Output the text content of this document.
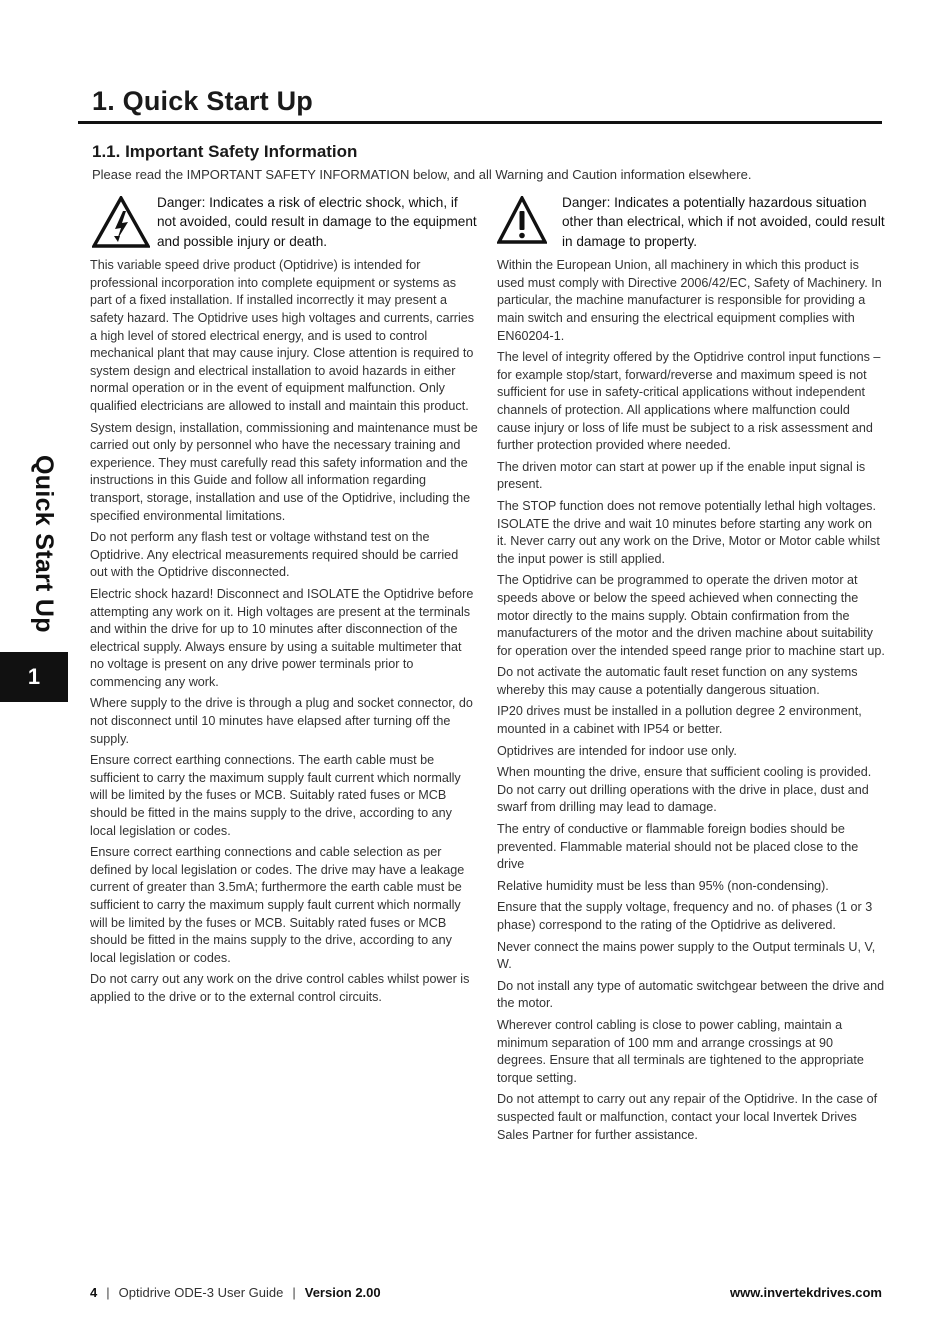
1. Quick Start Up
1.1. Important Safety Information
Please read the IMPORTANT SAFETY INFORMATION below, and all Warning and Caution information elsewhere.
Danger: Indicates a risk of electric shock, which, if not avoided, could result in damage to the equipment and possible injury or death.

This variable speed drive product (Optidrive) is intended for professional incorporation into complete equipment or systems as part of a fixed installation. If installed incorrectly it may present a safety hazard. The Optidrive uses high voltages and currents, carries a high level of stored electrical energy, and is used to control mechanical plant that may cause injury. Close attention is required to system design and electrical installation to avoid hazards in either normal operation or in the event of equipment malfunction. Only qualified electricians are allowed to install and maintain this product.

System design, installation, commissioning and maintenance must be carried out only by personnel who have the necessary training and experience. They must carefully read this safety information and the instructions in this Guide and follow all information regarding transport, storage, installation and use of the Optidrive, including the specified environmental limitations.

Do not perform any flash test or voltage withstand test on the Optidrive. Any electrical measurements required should be carried out with the Optidrive disconnected.

Electric shock hazard! Disconnect and ISOLATE the Optidrive before attempting any work on it. High voltages are present at the terminals and within the drive for up to 10 minutes after disconnection of the electrical supply. Always ensure by using a suitable multimeter that no voltage is present on any drive power terminals prior to commencing any work.

Where supply to the drive is through a plug and socket connector, do not disconnect until 10 minutes have elapsed after turning off the supply.

Ensure correct earthing connections. The earth cable must be sufficient to carry the maximum supply fault current which normally will be limited by the fuses or MCB. Suitably rated fuses or MCB should be fitted in the mains supply to the drive, according to any local legislation or codes.

Ensure correct earthing connections and cable selection as per defined by local legislation or codes. The drive may have a leakage current of greater than 3.5mA; furthermore the earth cable must be sufficient to carry the maximum supply fault current which normally will be limited by the fuses or MCB. Suitably rated fuses or MCB should be fitted in the mains supply to the drive, according to any local legislation or codes.

Do not carry out any work on the drive control cables whilst power is applied to the drive or to the external control circuits.

Danger: Indicates a potentially hazardous situation other than electrical, which if not avoided, could result in damage to property.

Within the European Union, all machinery in which this product is used must comply with Directive 2006/42/EC, Safety of Machinery. In particular, the machine manufacturer is responsible for providing a main switch and ensuring the electrical equipment complies with EN60204-1.

The level of integrity offered by the Optidrive control input functions – for example stop/start, forward/reverse and maximum speed is not sufficient for use in safety-critical applications without independent channels of protection. All applications where malfunction could cause injury or loss of life must be subject to a risk assessment and further protection provided where needed.

The driven motor can start at power up if the enable input signal is present.

The STOP function does not remove potentially lethal high voltages. ISOLATE the drive and wait 10 minutes before starting any work on it. Never carry out any work on the Drive, Motor or Motor cable whilst the input power is still applied.

The Optidrive can be programmed to operate the driven motor at speeds above or below the speed achieved when connecting the motor directly to the mains supply. Obtain confirmation from the manufacturers of the motor and the driven machine about suitability for operation over the intended speed range prior to machine start up.

Do not activate the automatic fault reset function on any systems whereby this may cause a potentially dangerous situation.

IP20 drives must be installed in a pollution degree 2 environment, mounted in a cabinet with IP54 or better.

Optidrives are intended for indoor use only.

When mounting the drive, ensure that sufficient cooling is provided. Do not carry out drilling operations with the drive in place, dust and swarf from drilling may lead to damage.

The entry of conductive or flammable foreign bodies should be prevented. Flammable material should not be placed close to the drive

Relative humidity must be less than 95% (non-condensing).

Ensure that the supply voltage, frequency and no. of phases (1 or 3 phase) correspond to the rating of the Optidrive as delivered.

Never connect the mains power supply to the Output terminals U, V, W.

Do not install any type of automatic switchgear between the drive and the motor.

Wherever control cabling is close to power cabling, maintain a minimum separation of 100 mm and arrange crossings at 90 degrees. Ensure that all terminals are tightened to the appropriate torque setting.

Do not attempt to carry out any repair of the Optidrive. In the case of suspected fault or malfunction, contact your local Invertek Drives Sales Partner for further assistance.

Quick Start Up
1
4 | Optidrive ODE-3 User Guide | Version 2.00	www.invertekdrives.com
